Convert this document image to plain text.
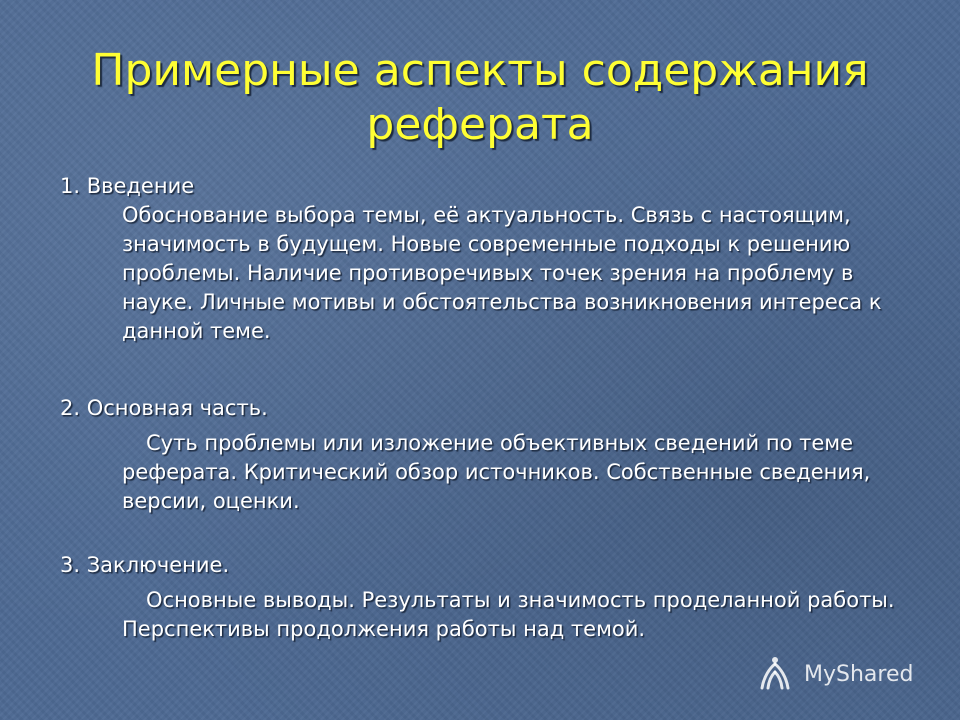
Примерные аспекты содержания реферата

1. Введение

Обоснование выбора темы, её актуальность. Связь с настоящим, значимость в будущем. Новые современные подходы к решению проблемы. Наличие противоречивых точек зрения на проблему в науке. Личные мотивы и обстоятельства возникновения интереса к данной теме.

2. Основная часть.

Суть проблемы или изложение объективных сведений по теме реферата. Критический обзор источников. Собственные сведения, версии, оценки.

3. Заключение.

Основные выводы. Результаты и значимость проделанной работы. Перспективы продолжения работы над темой.

MyShared
